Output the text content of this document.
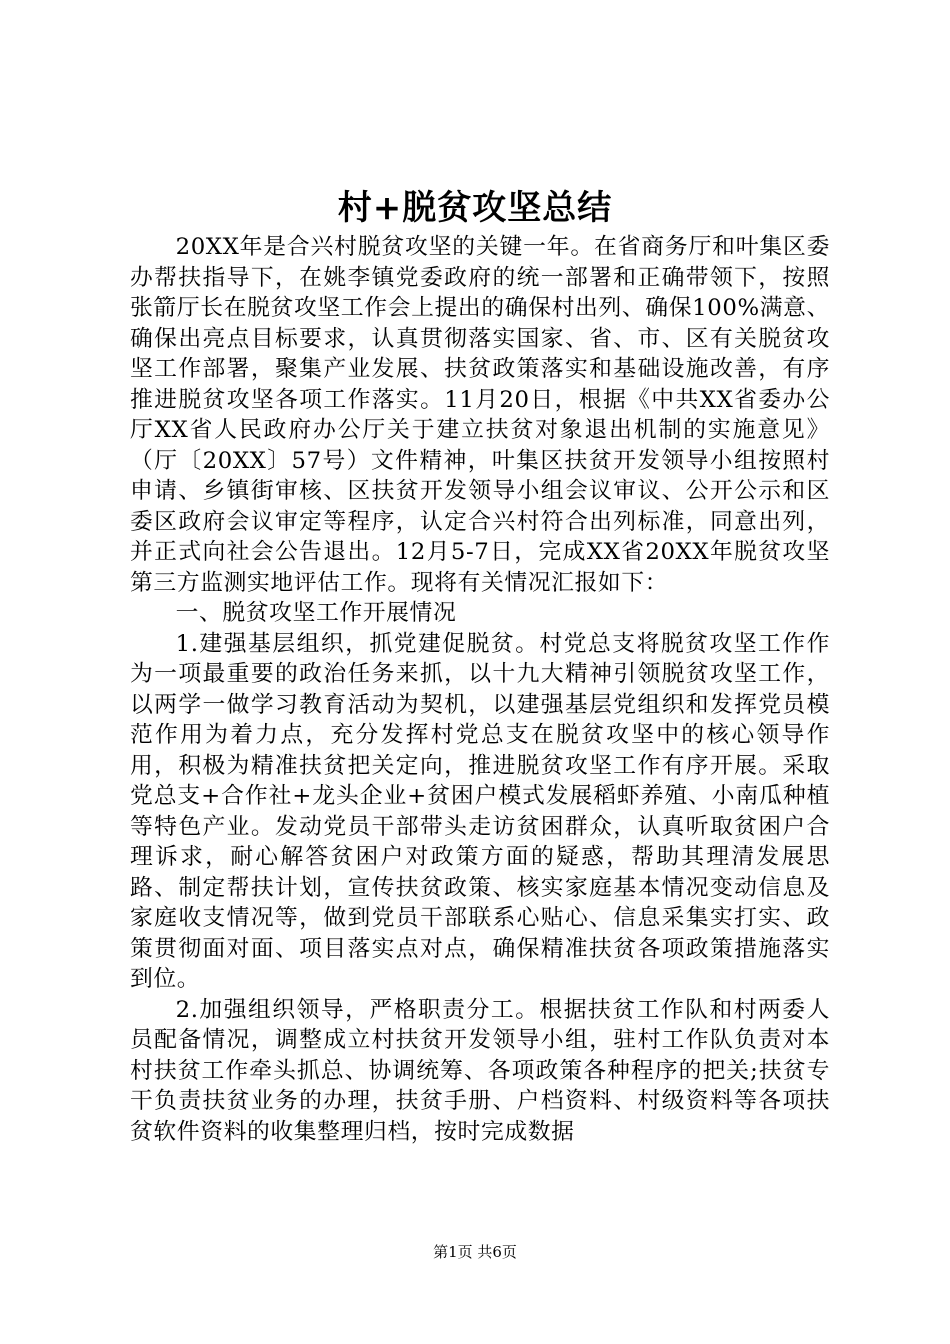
村+脱贫攻坚总结

20XX年是合兴村脱贫攻坚的关键一年。在省商务厅和叶集区委办帮扶指导下，在姚李镇党委政府的统一部署和正确带领下，按照张箭厅长在脱贫攻坚工作会上提出的确保村出列、确保100%满意、确保出亮点目标要求，认真贯彻落实国家、省、市、区有关脱贫攻坚工作部署，聚集产业发展、扶贫政策落实和基础设施改善，有序推进脱贫攻坚各项工作落实。11月20日，根据《中共XX省委办公厅XX省人民政府办公厅关于建立扶贫对象退出机制的实施意见》（厅〔20XX〕57号）文件精神，叶集区扶贫开发领导小组按照村申请、乡镇街审核、区扶贫开发领导小组会议审议、公开公示和区委区政府会议审定等程序，认定合兴村符合出列标准，同意出列，并正式向社会公告退出。12月5-7日，完成XX省20XX年脱贫攻坚第三方监测实地评估工作。现将有关情况汇报如下：

一、脱贫攻坚工作开展情况

1.建强基层组织，抓党建促脱贫。村党总支将脱贫攻坚工作作为一项最重要的政治任务来抓，以十九大精神引领脱贫攻坚工作，以两学一做学习教育活动为契机，以建强基层党组织和发挥党员模范作用为着力点，充分发挥村党总支在脱贫攻坚中的核心领导作用，积极为精准扶贫把关定向，推进脱贫攻坚工作有序开展。采取党总支+合作社+龙头企业+贫困户模式发展稻虾养殖、小南瓜种植等特色产业。发动党员干部带头走访贫困群众，认真听取贫困户合理诉求，耐心解答贫困户对政策方面的疑惑，帮助其理清发展思路、制定帮扶计划，宣传扶贫政策、核实家庭基本情况变动信息及家庭收支情况等，做到党员干部联系心贴心、信息采集实打实、政策贯彻面对面、项目落实点对点，确保精准扶贫各项政策措施落实到位。

2.加强组织领导，严格职责分工。根据扶贫工作队和村两委人员配备情况，调整成立村扶贫开发领导小组，驻村工作队负责对本村扶贫工作牵头抓总、协调统筹、各项政策各种程序的把关;扶贫专干负责扶贫业务的办理，扶贫手册、户档资料、村级资料等各项扶贫软件资料的收集整理归档，按时完成数据

第1页 共6页
